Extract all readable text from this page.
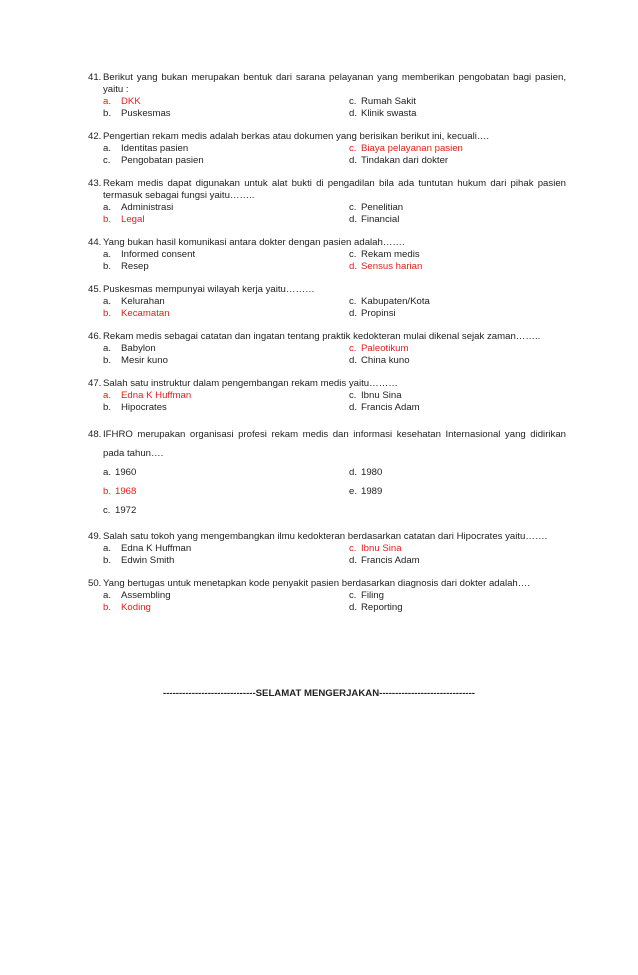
41. Berikut yang bukan merupakan bentuk dari sarana pelayanan yang memberikan pengobatan bagi pasien, yaitu :
a.	DKK	c. Rumah Sakit
b.	Puskesmas	d. Klinik swasta
42. Pengertian rekam medis adalah berkas atau dokumen yang berisikan berikut ini, kecuali….
a.	Identitas pasien	c. Biaya pelayanan pasien
c.	Pengobatan pasien	d. Tindakan dari dokter
43. Rekam medis dapat digunakan untuk alat bukti di pengadilan bila ada tuntutan hukum dari pihak pasien termasuk sebagai fungsi yaitu……..
a.	Administrasi	c. Penelitian
b.	Legal	d. Financial
44. Yang bukan hasil komunikasi antara dokter dengan pasien adalah…….
a.	Informed consent	c. Rekam medis
b.	Resep	d. Sensus harian
45. Puskesmas mempunyai wilayah kerja yaitu………
a.	Kelurahan	c. Kabupaten/Kota
b.	Kecamatan	d. Propinsi
46. Rekam medis sebagai catatan dan ingatan tentang praktik kedokteran mulai dikenal sejak zaman……..
a.	Babylon	c. Paleotikum
b.	Mesir kuno	d. China kuno
47. Salah satu instruktur dalam pengembangan rekam medis yaitu………
a.	Edna K Huffman	c. Ibnu Sina
b.	Hipocrates	d. Francis Adam
48. IFHRO merupakan organisasi profesi rekam medis dan informasi kesehatan Internasional yang didirikan pada tahun….
a. 1960	d. 1980
b. 1968	e. 1989
c. 1972
49. Salah satu tokoh yang mengembangkan ilmu kedokteran berdasarkan catatan dari Hipocrates yaitu…….
a.	Edna K Huffman	c. Ibnu Sina
b.	Edwin Smith	d. Francis Adam
50. Yang bertugas untuk menetapkan kode penyakit pasien berdasarkan diagnosis dari dokter adalah….
a.	Assembling	c. Filing
b.	Koding	d. Reporting
-----------------------------SELAMAT MENGERJAKAN------------------------------
